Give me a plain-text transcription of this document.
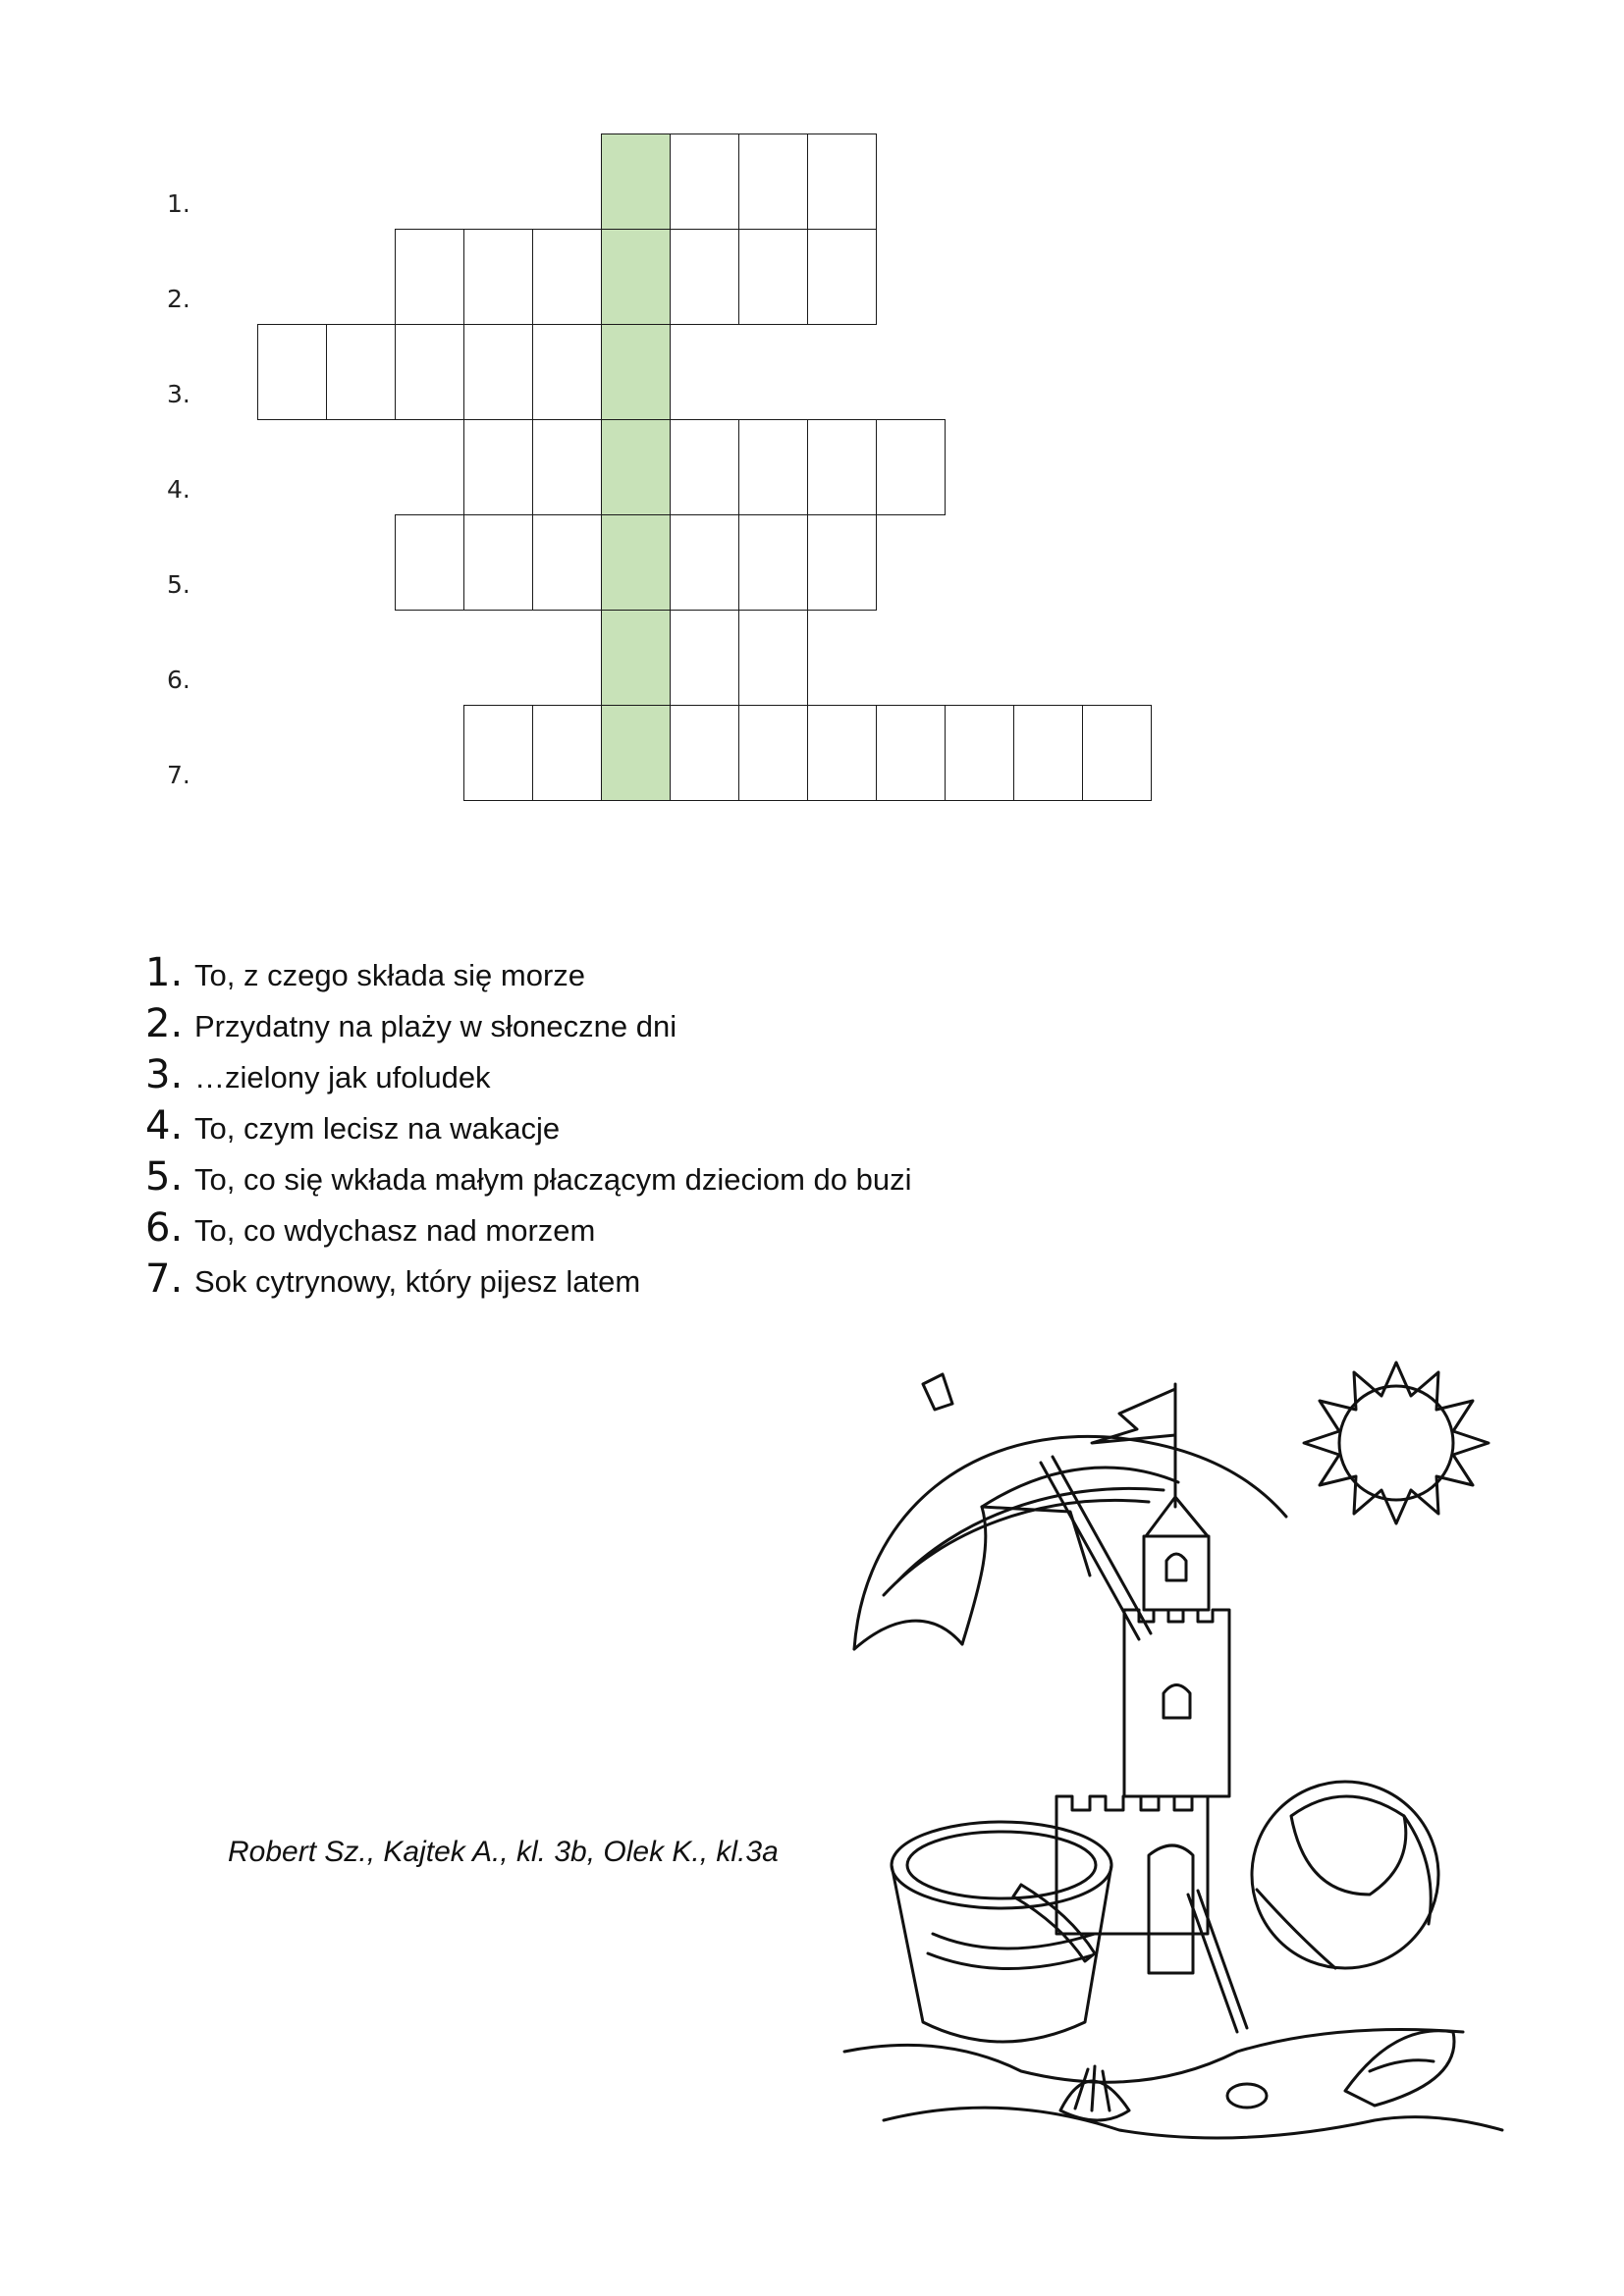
1.
2.
3.
4.
5.
6.
7.
1. To, z czego składa się morze
2. Przydatny na plaży w słoneczne dni
3. …zielony jak ufoludek
4. To, czym lecisz na wakacje
5. To, co się wkłada małym płaczącym dzieciom do buzi
6. To, co wdychasz nad morzem
7. Sok cytrynowy, który pijesz latem
Robert Sz., Kajtek A., kl. 3b, Olek K., kl.3a
